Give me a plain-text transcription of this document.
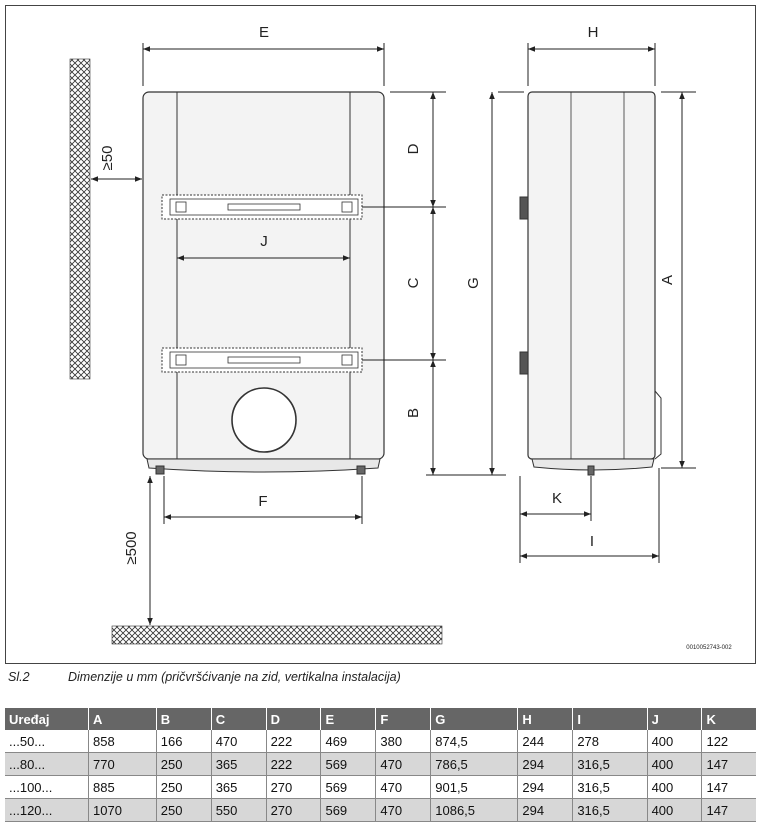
E	H
J
F	K
I
D
C
B
G	A
≥50
≥500
0010052743-002
Sl.2	Dimenzije u mm (pričvršćivanje na zid, vertikalna instalacija)
Uređaj	A	B	C	D	E	F	G	H	I	J	K
...50...	858	166	470	222	469	380	874,5	244	278	400	122
...80...	770	250	365	222	569	470	786,5	294	316,5	400	147
...100...	885	250	365	270	569	470	901,5	294	316,5	400	147
...120...	1070	250	550	270	569	470	1086,5	294	316,5	400	147
